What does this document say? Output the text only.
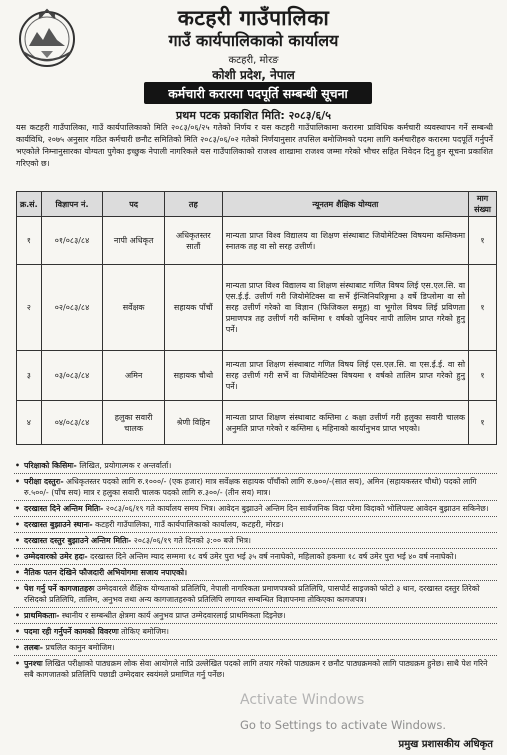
कटहरी गाउँपालिका
गाउँ कार्यपालिकाको कार्यालय
कटहरी, मोरङ
कोशी प्रदेश, नेपाल
कर्मचारी करारमा पदपूर्ति सम्बन्धी सूचना
प्रथम पटक प्रकाशित मिति: २०८३/६/५
यस कटहरी गाउँपालिका, गाउँ कार्यपालिकाको मिति २०८३/०६/२५ गतेको निर्णय र यस कटहरी गाउँपालिकामा करारमा प्राविधिक कर्मचारी व्यवस्थापन गर्ने सम्बन्धी कार्यविधि, २०७५ अनुसार गठित कर्मचारी छनौट समितिको मिति २०८३/०६/०२ गतेको निर्णयानुसार तपसिल बमोजिमको पदमा लागि कर्मचारीहरु करारमा पदपूर्ति गर्नुपर्ने भएकोले निम्नानुसारका योग्यता पुगेका इच्छुक नेपाली नागरिकले यस गाउँपालिकाको राजश्व शाखामा राजश्व जम्मा गरेको भौचर सहित निवेदन दिनु हुन सूचना प्रकाशित गरिएको छ।
क्र.सं.	विज्ञापन नं.	पद	तह	न्यूनतम शैक्षिक योग्यता	माग संख्या
१	०१/०८३/८४	नापी अधिकृत	अधिकृतस्तर सातौं	मान्यता प्राप्त विश्व विद्यालय वा शिक्षण संस्थाबाट जियोमेटिक्स विषयमा कम्तिकमा स्नातक तह वा सो सरह उत्तीर्ण।	१
२	०२/०८३/८४	सर्वेक्षक	सहायक पाँचौं	मान्यता प्राप्त विश्व विद्यालय वा शिक्षण संस्थाबाट गणित विषय लिई एस.एल.सि. वा एस.ई.ई. उत्तीर्ण गरी जियोमेटिक्स वा सर्भे ईन्जिनियरिङ्गमा ३ वर्षे डिप्लोमा वा सो सरह उत्तीर्ण गरेको वा विज्ञान (फिजिकल समूह) वा भूगोल विषय लिई प्रविणता प्रमाणपत्र तह उत्तीर्ण गरी कम्तिमा १ वर्षको जुनियर नापी तालिम प्राप्त गरेको हुनु पर्ने।	१
३	०३/०८३/८४	अमिन	सहायक चौथो	मान्यता प्राप्त शिक्षण संस्थाबाट गणित विषय लिई एस.एल.सि. वा एस.ई.ई. वा सो सरह उत्तीर्ण गरी सर्भे वा जियोमेटिक्स विषयमा १ वर्षको तालिम प्राप्त गरेको हुनु पर्ने।	१
४	०४/०८३/८४	हलुका सवारी चालक	श्रेणी विहिन	मान्यता प्राप्त शिक्षण संस्थाबाट कम्तिमा ८ कक्षा उत्तीर्ण गरी हलुका सवारी चालक अनुमति प्राप्त गरेको र कम्तिमा ६ महिनाको कार्यानुभव प्राप्त भएको।	१
• परिक्षाको किसिमः- लिखित, प्रयोगात्मक र अन्तर्वार्ता।
• परीक्षा दस्तुरः- अधिकृतस्तर पदको लागि रु.१०००/- (एक हजार) मात्र सर्वेक्षक सहायक पाँचौंको लागि रु.७००/-(सात सय), अमिन (सहायकस्तर चौथो) पदको लागि रु.५००/- (पाँच सय) मात्र र हलुका सवारी चालक पदको लागि रु.३००/- (तीन सय) मात्र।
• दरखास्त दिने अन्तिम मितिः- २०८३/०६/१९ गते कार्यालय समय भित्र। आवेदन बुझाउने अन्तिम दिन सार्वजनिक विदा परेमा विदाको भोलिपल्ट आवेदन बुझाउन सकिनेछ।
• दरखास्त बुझाउने स्थानः- कटहरी गाउँपालिका, गाउँ कार्यपालिकाको कार्यालय, कटहरी, मोरङ।
• दरखास्त दस्तुर बुझाउने अन्तिम मितिः- २०८३/०६/१९ गते दिनको ३:०० बजे भित्र।
• उम्मेदवारको उमेर हदः- दरखास्त दिने अन्तिम म्याद सम्ममा १८ वर्ष उमेर पुरा भई ३५ वर्ष ननाघेको, महिलाको हकमाः १८ वर्ष उमेर पुरा भई ४० वर्ष ननाघेको।
• नैतिक पतन देखिने फौजदारी अभियोगमा सजाय नपाएको।
• पेश गर्नु पर्ने कागजातहरुः उम्मेदवारले शैक्षिक योग्यताको प्रतिलिपि, नेपाली नागरिकता प्रमाणपत्रको प्रतिलिपि, पासपोर्ट साइजको फोटो ३ थान, दरखास्त दस्तुर तिरेको रसिदको प्रतिलिपि, तालिम, अनुभव तथा अन्य कागजातहरुको प्रतिलिपि लगायत सम्बन्धित विज्ञापनमा तोकिएका कागजपत्र।
• प्राथमिकताः- स्थानीय र सम्बन्धीत क्षेत्रमा कार्य अनुभव प्राप्त उम्मेदवारलाई प्राथमिकता दिइनेछ।
• पदमा रही गर्नुपर्ने कामको विवरणः तोकिए बमोजिम।
• तलबः- प्रचलित कानुन बमोजिम।
• पुनश्चः लिखित परीक्षाको पाठ्यक्रम लोक सेवा आयोगले नाप्रि उल्लेखित पदको लागि तयार गरेको पाठ्यक्रम र छनौट पाठ्यक्रमको लागि पाठ्यक्रम हुनेछ। साथै पेश गरिने सबै कागजातको प्रतिलिपि पछाडी उम्मेदवार स्वयंमले प्रमाणित गर्नु पर्नेछ।
Activate Windows
Go to Settings to activate Windows.
प्रमुख प्रशासकीय अधिकृत
